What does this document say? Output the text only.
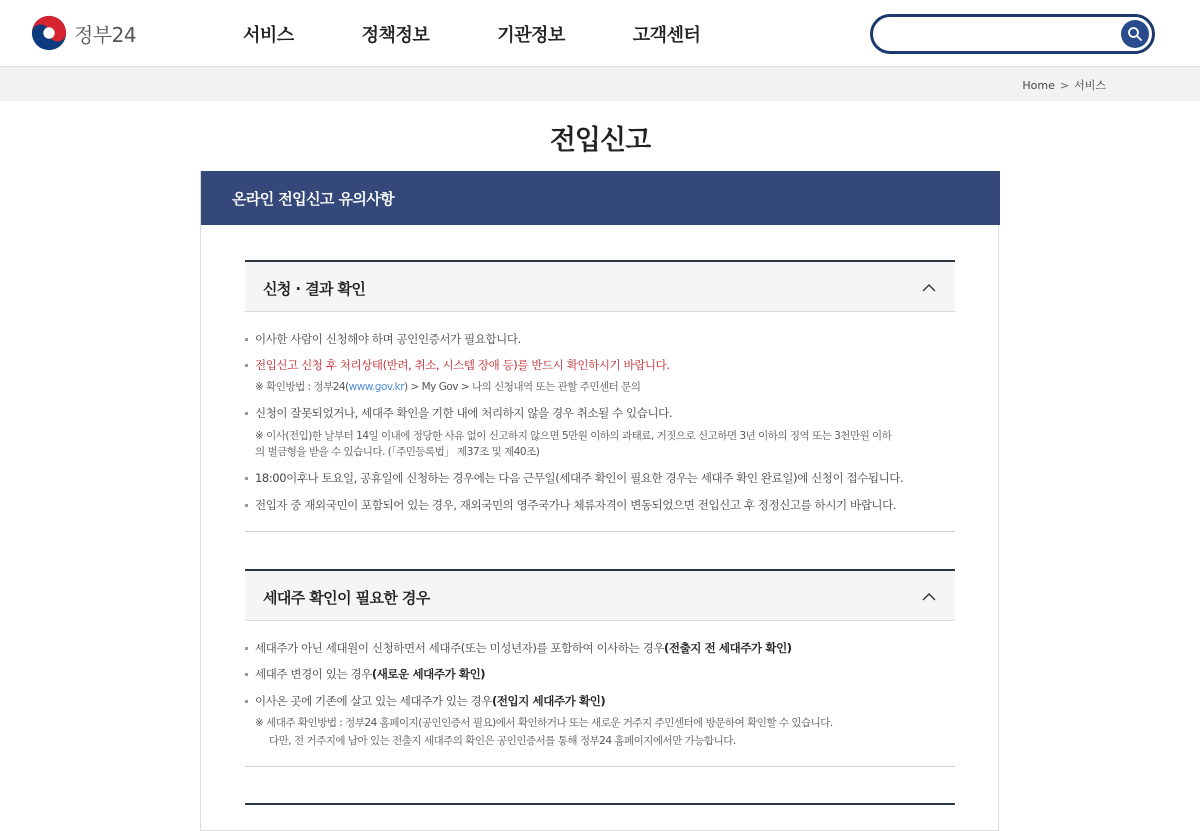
정부24	서비스	정책정보	기관정보	고객센터
Home > 서비스
전입신고
온라인 전입신고 유의사항
신청 · 결과 확인
이사한 사람이 신청해야 하며 공인인증서가 필요합니다.
전입신고 신청 후 처리상태(반려, 취소, 시스템 장애 등)를 반드시 확인하시기 바랍니다.
※ 확인방법 : 정부24(www.gov.kr) > My Gov > 나의 신청내역 또는 관할 주민센터 문의
신청이 잘못되었거나, 세대주 확인을 기한 내에 처리하지 않을 경우 취소될 수 있습니다.
※ 이사(전입)한 날부터 14일 이내에 정당한 사유 없이 신고하지 않으면 5만원 이하의 과태료, 거짓으로 신고하면 3년 이하의 징역 또는 3천만원 이하
의 벌금형을 받을 수 있습니다. (「주민등록법」 제37조 및 제40조)
18:00이후나 토요일, 공휴일에 신청하는 경우에는 다음 근무일(세대주 확인이 필요한 경우는 세대주 확인 완료일)에 신청이 접수됩니다.
전입자 중 재외국민이 포함되어 있는 경우, 재외국민의 영주국가나 체류자격이 변동되었으면 전입신고 후 정정신고를 하시기 바랍니다.
세대주 확인이 필요한 경우
세대주가 아닌 세대원이 신청하면서 세대주(또는 미성년자)를 포함하여 이사하는 경우(전출지 전 세대주가 확인)
세대주 변경이 있는 경우(새로운 세대주가 확인)
이사온 곳에 기존에 살고 있는 세대주가 있는 경우(전입지 세대주가 확인)
※ 세대주 확인방법 : 정부24 홈페이지(공인인증서 필요)에서 확인하거나 또는 새로운 거주지 주민센터에 방문하여 확인할 수 있습니다.
다만, 전 거주지에 남아 있는 전출지 세대주의 확인은 공인인증서를 통해 정부24 홈페이지에서만 가능합니다.
